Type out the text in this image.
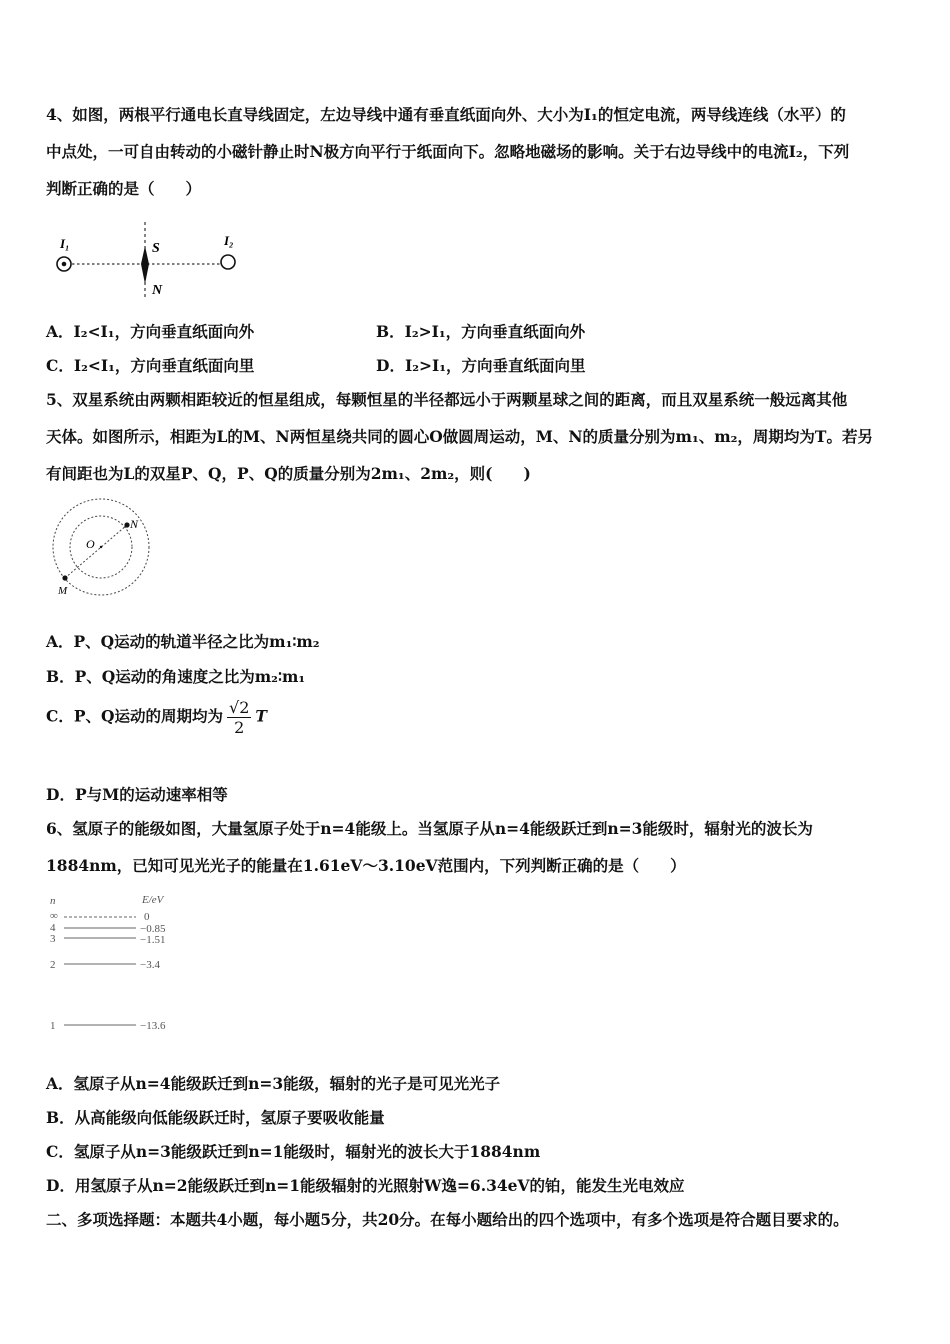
4、如图，两根平行通电长直导线固定，左边导线中通有垂直纸面向外、大小为I₁的恒定电流，两导线连线（水平）的
中点处，一可自由转动的小磁针静止时N极方向平行于纸面向下。忽略地磁场的影响。关于右边导线中的电流I₂，下列
判断正确的是（　　）
I₁	I₂
S
N
A．I₂<I₁，方向垂直纸面向外	B．I₂>I₁，方向垂直纸面向外
C．I₂<I₁，方向垂直纸面向里	D．I₂>I₁，方向垂直纸面向里
5、双星系统由两颗相距较近的恒星组成，每颗恒星的半径都远小于两颗星球之间的距离，而且双星系统一般远离其他
天体。如图所示，相距为L的M、N两恒星绕共同的圆心O做圆周运动，M、N的质量分别为m₁、m₂，周期均为T。若另
有间距也为L的双星P、Q，P、Q的质量分别为2m₁、2m₂，则(　　)
O
N
M
A．P、Q运动的轨道半径之比为m₁∶m₂
B．P、Q运动的角速度之比为m₂∶m₁
C．P、Q运动的周期均为 $\frac{√2}{2}$ T
D．P与M的运动速率相等
6、氢原子的能级如图，大量氢原子处于n=4能级上。当氢原子从n=4能级跃迁到n=3能级时，辐射光的波长为
1884nm，已知可见光光子的能量在1.61eV～3.10eV范围内，下列判断正确的是（　　）
n	E/eV
∞	0
4	−0.85
3	−1.51
2	−3.4
1	−13.6
A．氢原子从n=4能级跃迁到n=3能级，辐射的光子是可见光光子
B．从高能级向低能级跃迁时，氢原子要吸收能量
C．氢原子从n=3能级跃迁到n=1能级时，辐射光的波长大于1884nm
D．用氢原子从n=2能级跃迁到n=1能级辐射的光照射W逸=6.34eV的铂，能发生光电效应
二、多项选择题：本题共4小题，每小题5分，共20分。在每小题给出的四个选项中，有多个选项是符合题目要求的。
